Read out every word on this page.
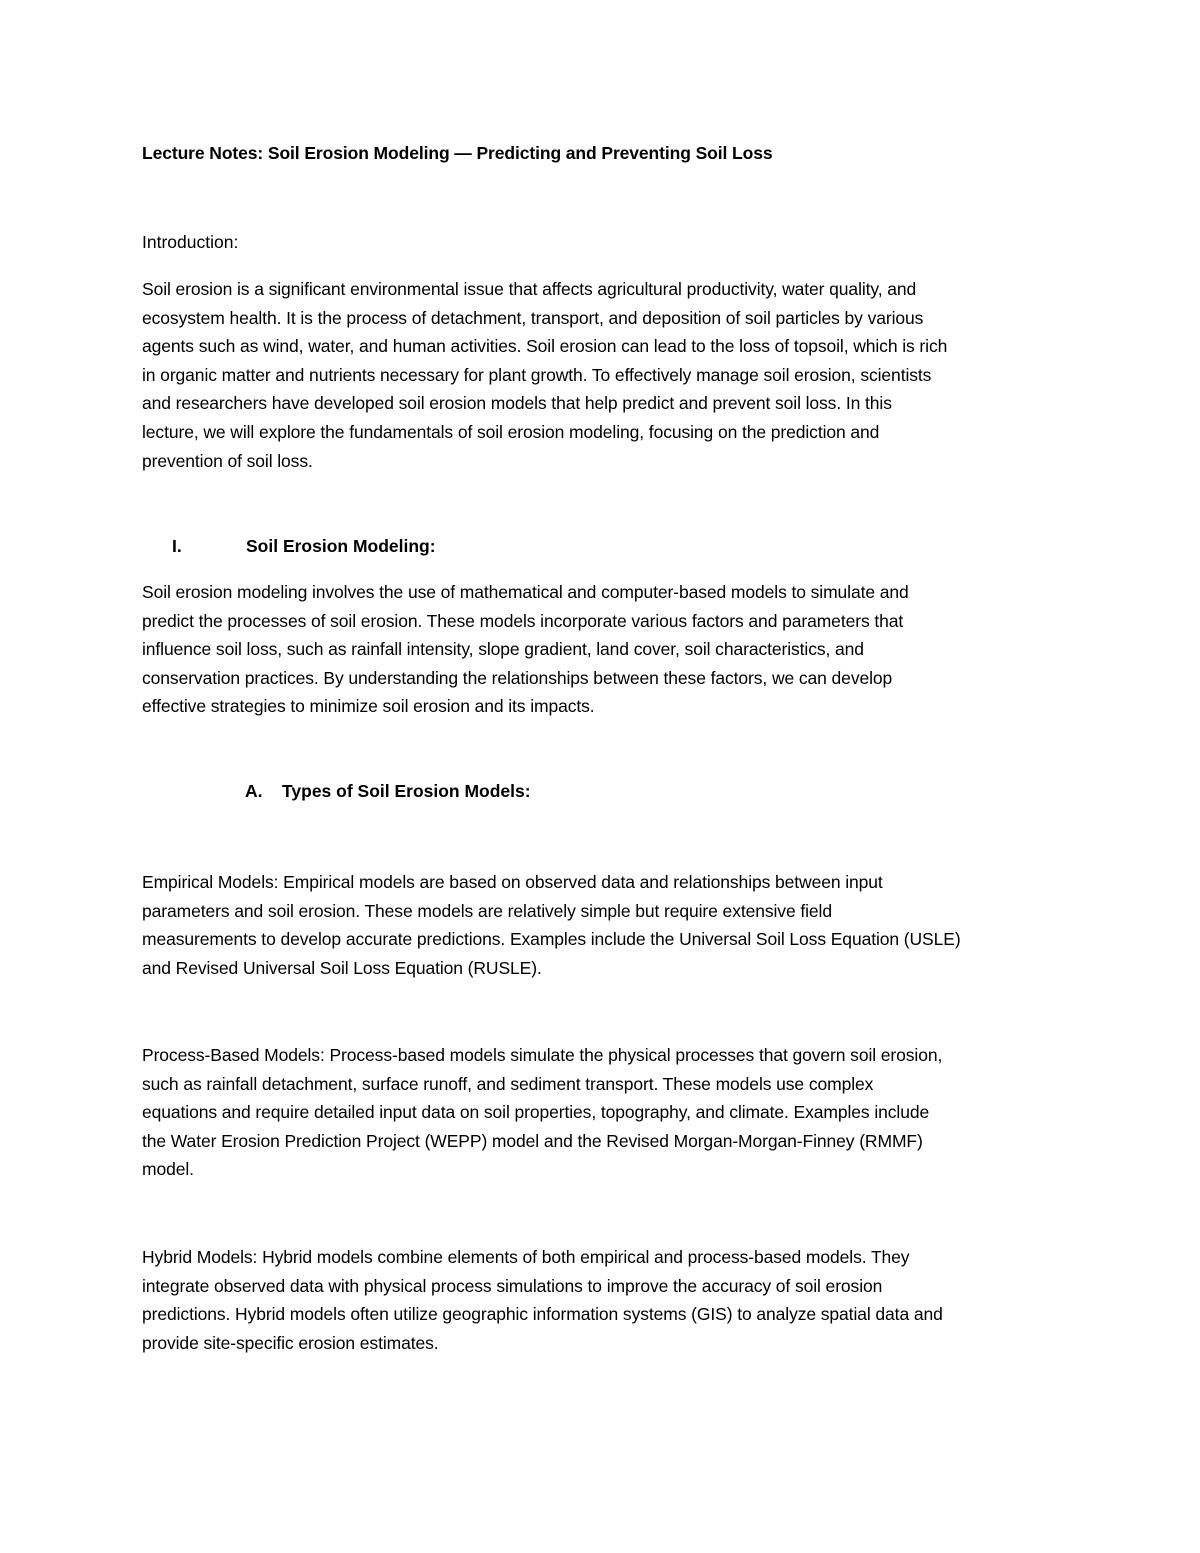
Lecture Notes: Soil Erosion Modeling — Predicting and Preventing Soil Loss

Introduction:

Soil erosion is a significant environmental issue that affects agricultural productivity, water quality, and
ecosystem health. It is the process of detachment, transport, and deposition of soil particles by various
agents such as wind, water, and human activities. Soil erosion can lead to the loss of topsoil, which is rich
in organic matter and nutrients necessary for plant growth. To effectively manage soil erosion, scientists
and researchers have developed soil erosion models that help predict and prevent soil loss. In this
lecture, we will explore the fundamentals of soil erosion modeling, focusing on the prediction and
prevention of soil loss.

I.	Soil Erosion Modeling:

Soil erosion modeling involves the use of mathematical and computer-based models to simulate and
predict the processes of soil erosion. These models incorporate various factors and parameters that
influence soil loss, such as rainfall intensity, slope gradient, land cover, soil characteristics, and
conservation practices. By understanding the relationships between these factors, we can develop
effective strategies to minimize soil erosion and its impacts.

A. Types of Soil Erosion Models:

Empirical Models: Empirical models are based on observed data and relationships between input
parameters and soil erosion. These models are relatively simple but require extensive field
measurements to develop accurate predictions. Examples include the Universal Soil Loss Equation (USLE)
and Revised Universal Soil Loss Equation (RUSLE).

Process-Based Models: Process-based models simulate the physical processes that govern soil erosion,
such as rainfall detachment, surface runoff, and sediment transport. These models use complex
equations and require detailed input data on soil properties, topography, and climate. Examples include
the Water Erosion Prediction Project (WEPP) model and the Revised Morgan-Morgan-Finney (RMMF)
model.

Hybrid Models: Hybrid models combine elements of both empirical and process-based models. They
integrate observed data with physical process simulations to improve the accuracy of soil erosion
predictions. Hybrid models often utilize geographic information systems (GIS) to analyze spatial data and
provide site-specific erosion estimates.
